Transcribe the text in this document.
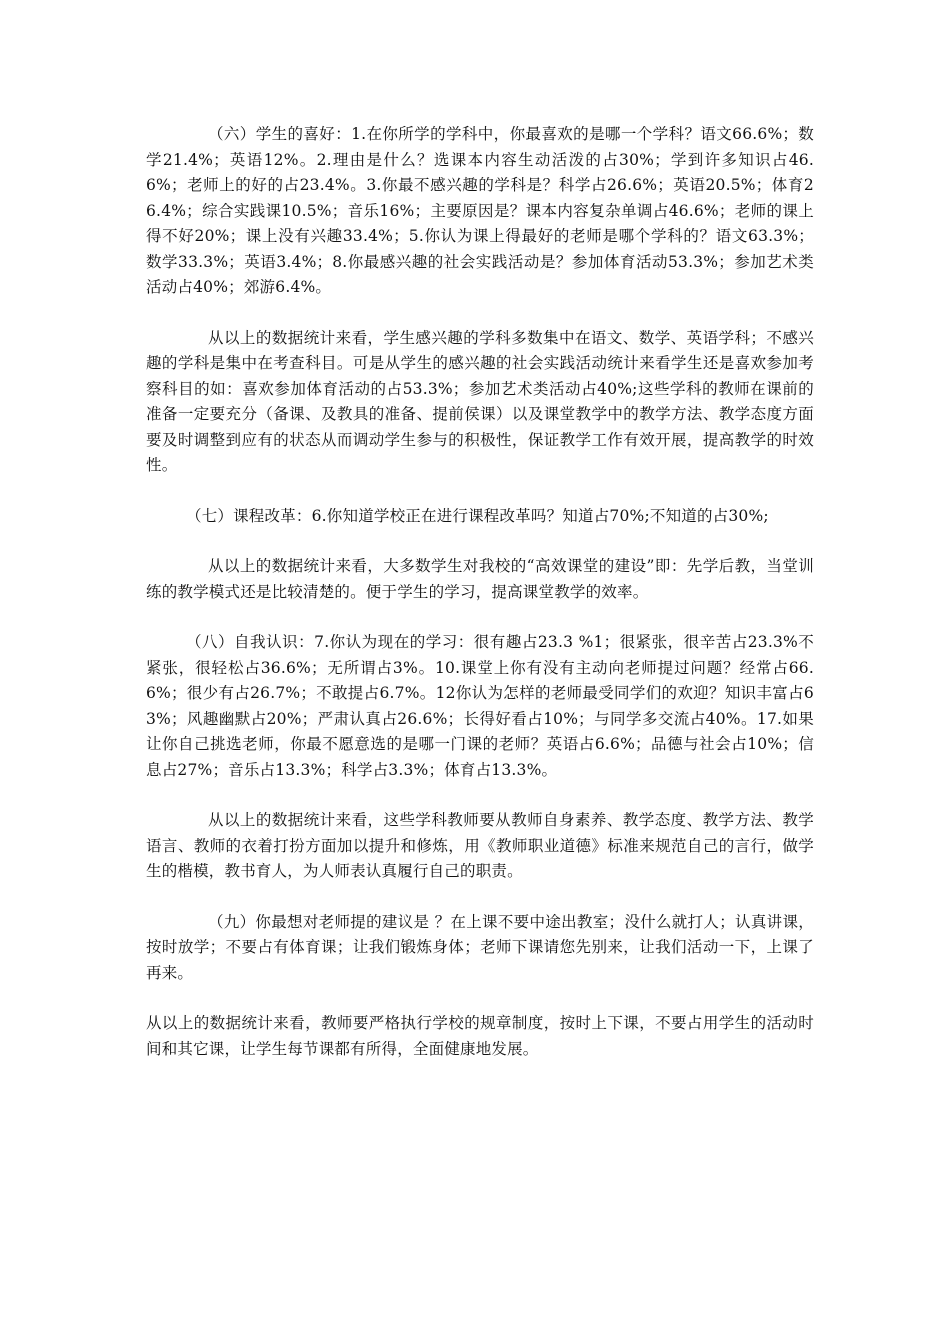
（六）学生的喜好：1.在你所学的学科中，你最喜欢的是哪一个学科？语文66.6%；数学21.4%；英语12%。2.理由是什么？选课本内容生动活泼的占30%；学到许多知识占46.6%；老师上的好的占23.4%。3.你最不感兴趣的学科是？科学占26.6%；英语20.5%；体育26.4%；综合实践课10.5%；音乐16%；主要原因是？课本内容复杂单调占46.6%；老师的课上得不好20%；课上没有兴趣33.4%；5.你认为课上得最好的老师是哪个学科的？语文63.3%；数学33.3%；英语3.4%；8.你最感兴趣的社会实践活动是？参加体育活动53.3%；参加艺术类活动占40%；郊游6.4%。

从以上的数据统计来看，学生感兴趣的学科多数集中在语文、数学、英语学科；不感兴趣的学科是集中在考查科目。可是从学生的感兴趣的社会实践活动统计来看学生还是喜欢参加考察科目的如：喜欢参加体育活动的占53.3%；参加艺术类活动占40%;这些学科的教师在课前的准备一定要充分（备课、及教具的准备、提前侯课）以及课堂教学中的教学方法、教学态度方面要及时调整到应有的状态从而调动学生参与的积极性，保证教学工作有效开展，提高教学的时效性。

（七）课程改革：6.你知道学校正在进行课程改革吗？知道占70%;不知道的占30%;

从以上的数据统计来看，大多数学生对我校的“高效课堂的建设”即：先学后教，当堂训练的教学模式还是比较清楚的。便于学生的学习，提高课堂教学的效率。

（八）自我认识：7.你认为现在的学习：很有趣占23.3 %1；很紧张，很辛苦占23.3%不紧张，很轻松占36.6%；无所谓占3%。10.课堂上你有没有主动向老师提过问题？经常占66.6%；很少有占26.7%；不敢提占6.7%。12你认为怎样的老师最受同学们的欢迎？知识丰富占63%；风趣幽默占20%；严肃认真占26.6%；长得好看占10%；与同学多交流占40%。17.如果让你自己挑选老师，你最不愿意选的是哪一门课的老师？英语占6.6%；品德与社会占10%；信息占27%；音乐占13.3%；科学占3.3%；体育占13.3%。

从以上的数据统计来看，这些学科教师要从教师自身素养、教学态度、教学方法、教学语言、教师的衣着打扮方面加以提升和修炼，用《教师职业道德》标准来规范自己的言行，做学生的楷模，教书育人，为人师表认真履行自己的职责。

（九）你最想对老师提的建议是 ？在上课不要中途出教室；没什么就打人；认真讲课，按时放学；不要占有体育课；让我们锻炼身体；老师下课请您先别来，让我们活动一下，上课了再来。

从以上的数据统计来看，教师要严格执行学校的规章制度，按时上下课，不要占用学生的活动时间和其它课，让学生每节课都有所得，全面健康地发展。
